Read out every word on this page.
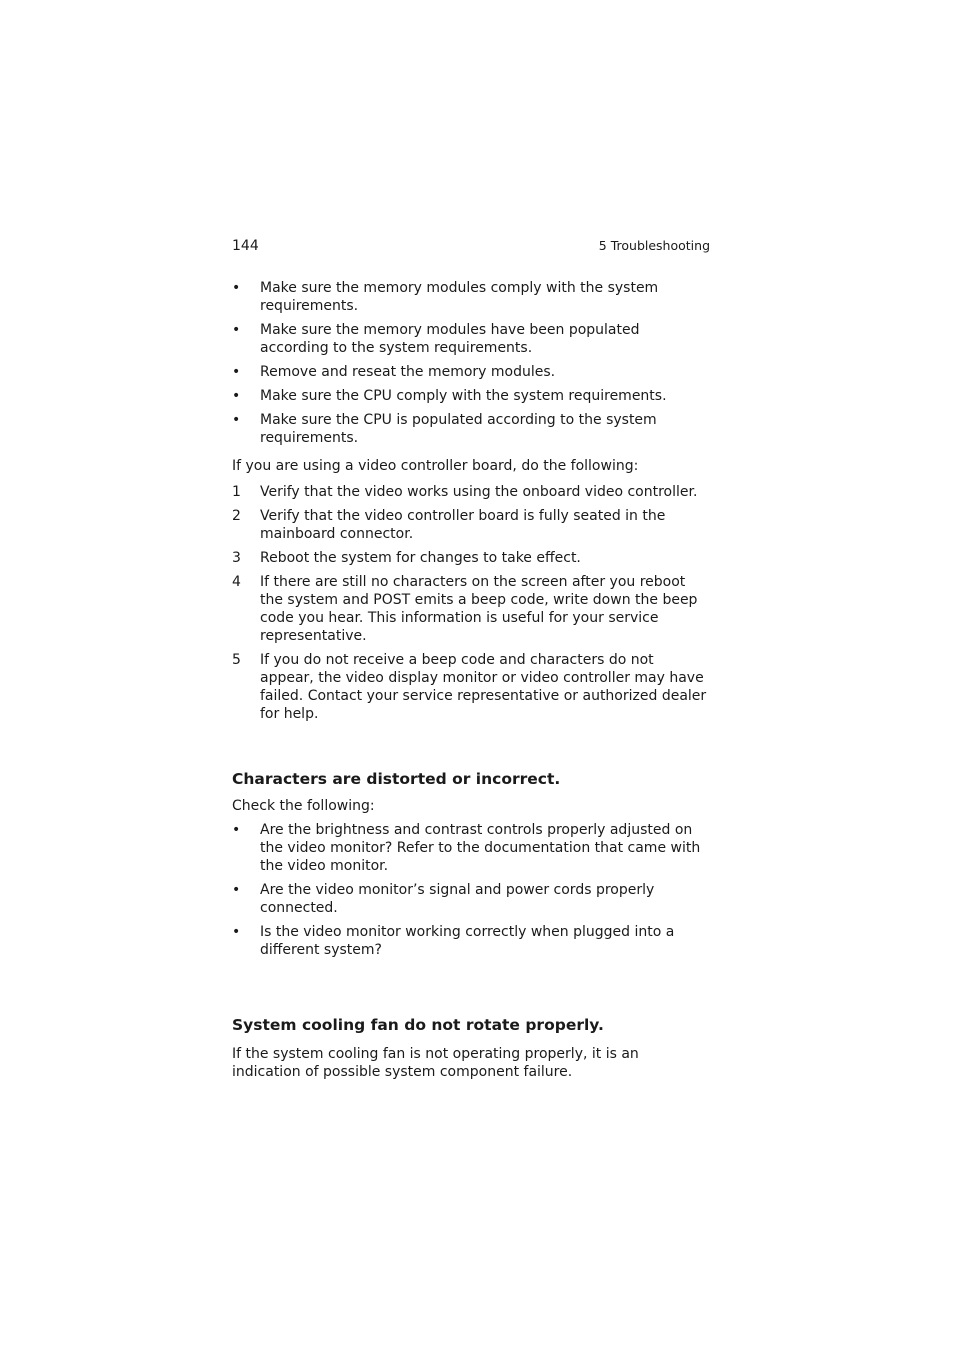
144	5 Troubleshooting
•	Make sure the memory modules comply with the system requirements.
•	Make sure the memory modules have been populated according to the system requirements.
•	Remove and reseat the memory modules.
•	Make sure the CPU comply with the system requirements.
•	Make sure the CPU is populated according to the system requirements.

If you are using a video controller board, do the following:

1	Verify that the video works using the onboard video controller.
2	Verify that the video controller board is fully seated in the mainboard connector.
3	Reboot the system for changes to take effect.
4	If there are still no characters on the screen after you reboot the system and POST emits a beep code, write down the beep code you hear. This information is useful for your service representative.
5	If you do not receive a beep code and characters do not appear, the video display monitor or video controller may have failed. Contact your service representative or authorized dealer for help.
Characters are distorted or incorrect.

Check the following:

•	Are the brightness and contrast controls properly adjusted on the video monitor? Refer to the documentation that came with the video monitor.
•	Are the video monitor’s signal and power cords properly connected.
•	Is the video monitor working correctly when plugged into a different system?
System cooling fan do not rotate properly.

If the system cooling fan is not operating properly, it is an indication of possible system component failure.
